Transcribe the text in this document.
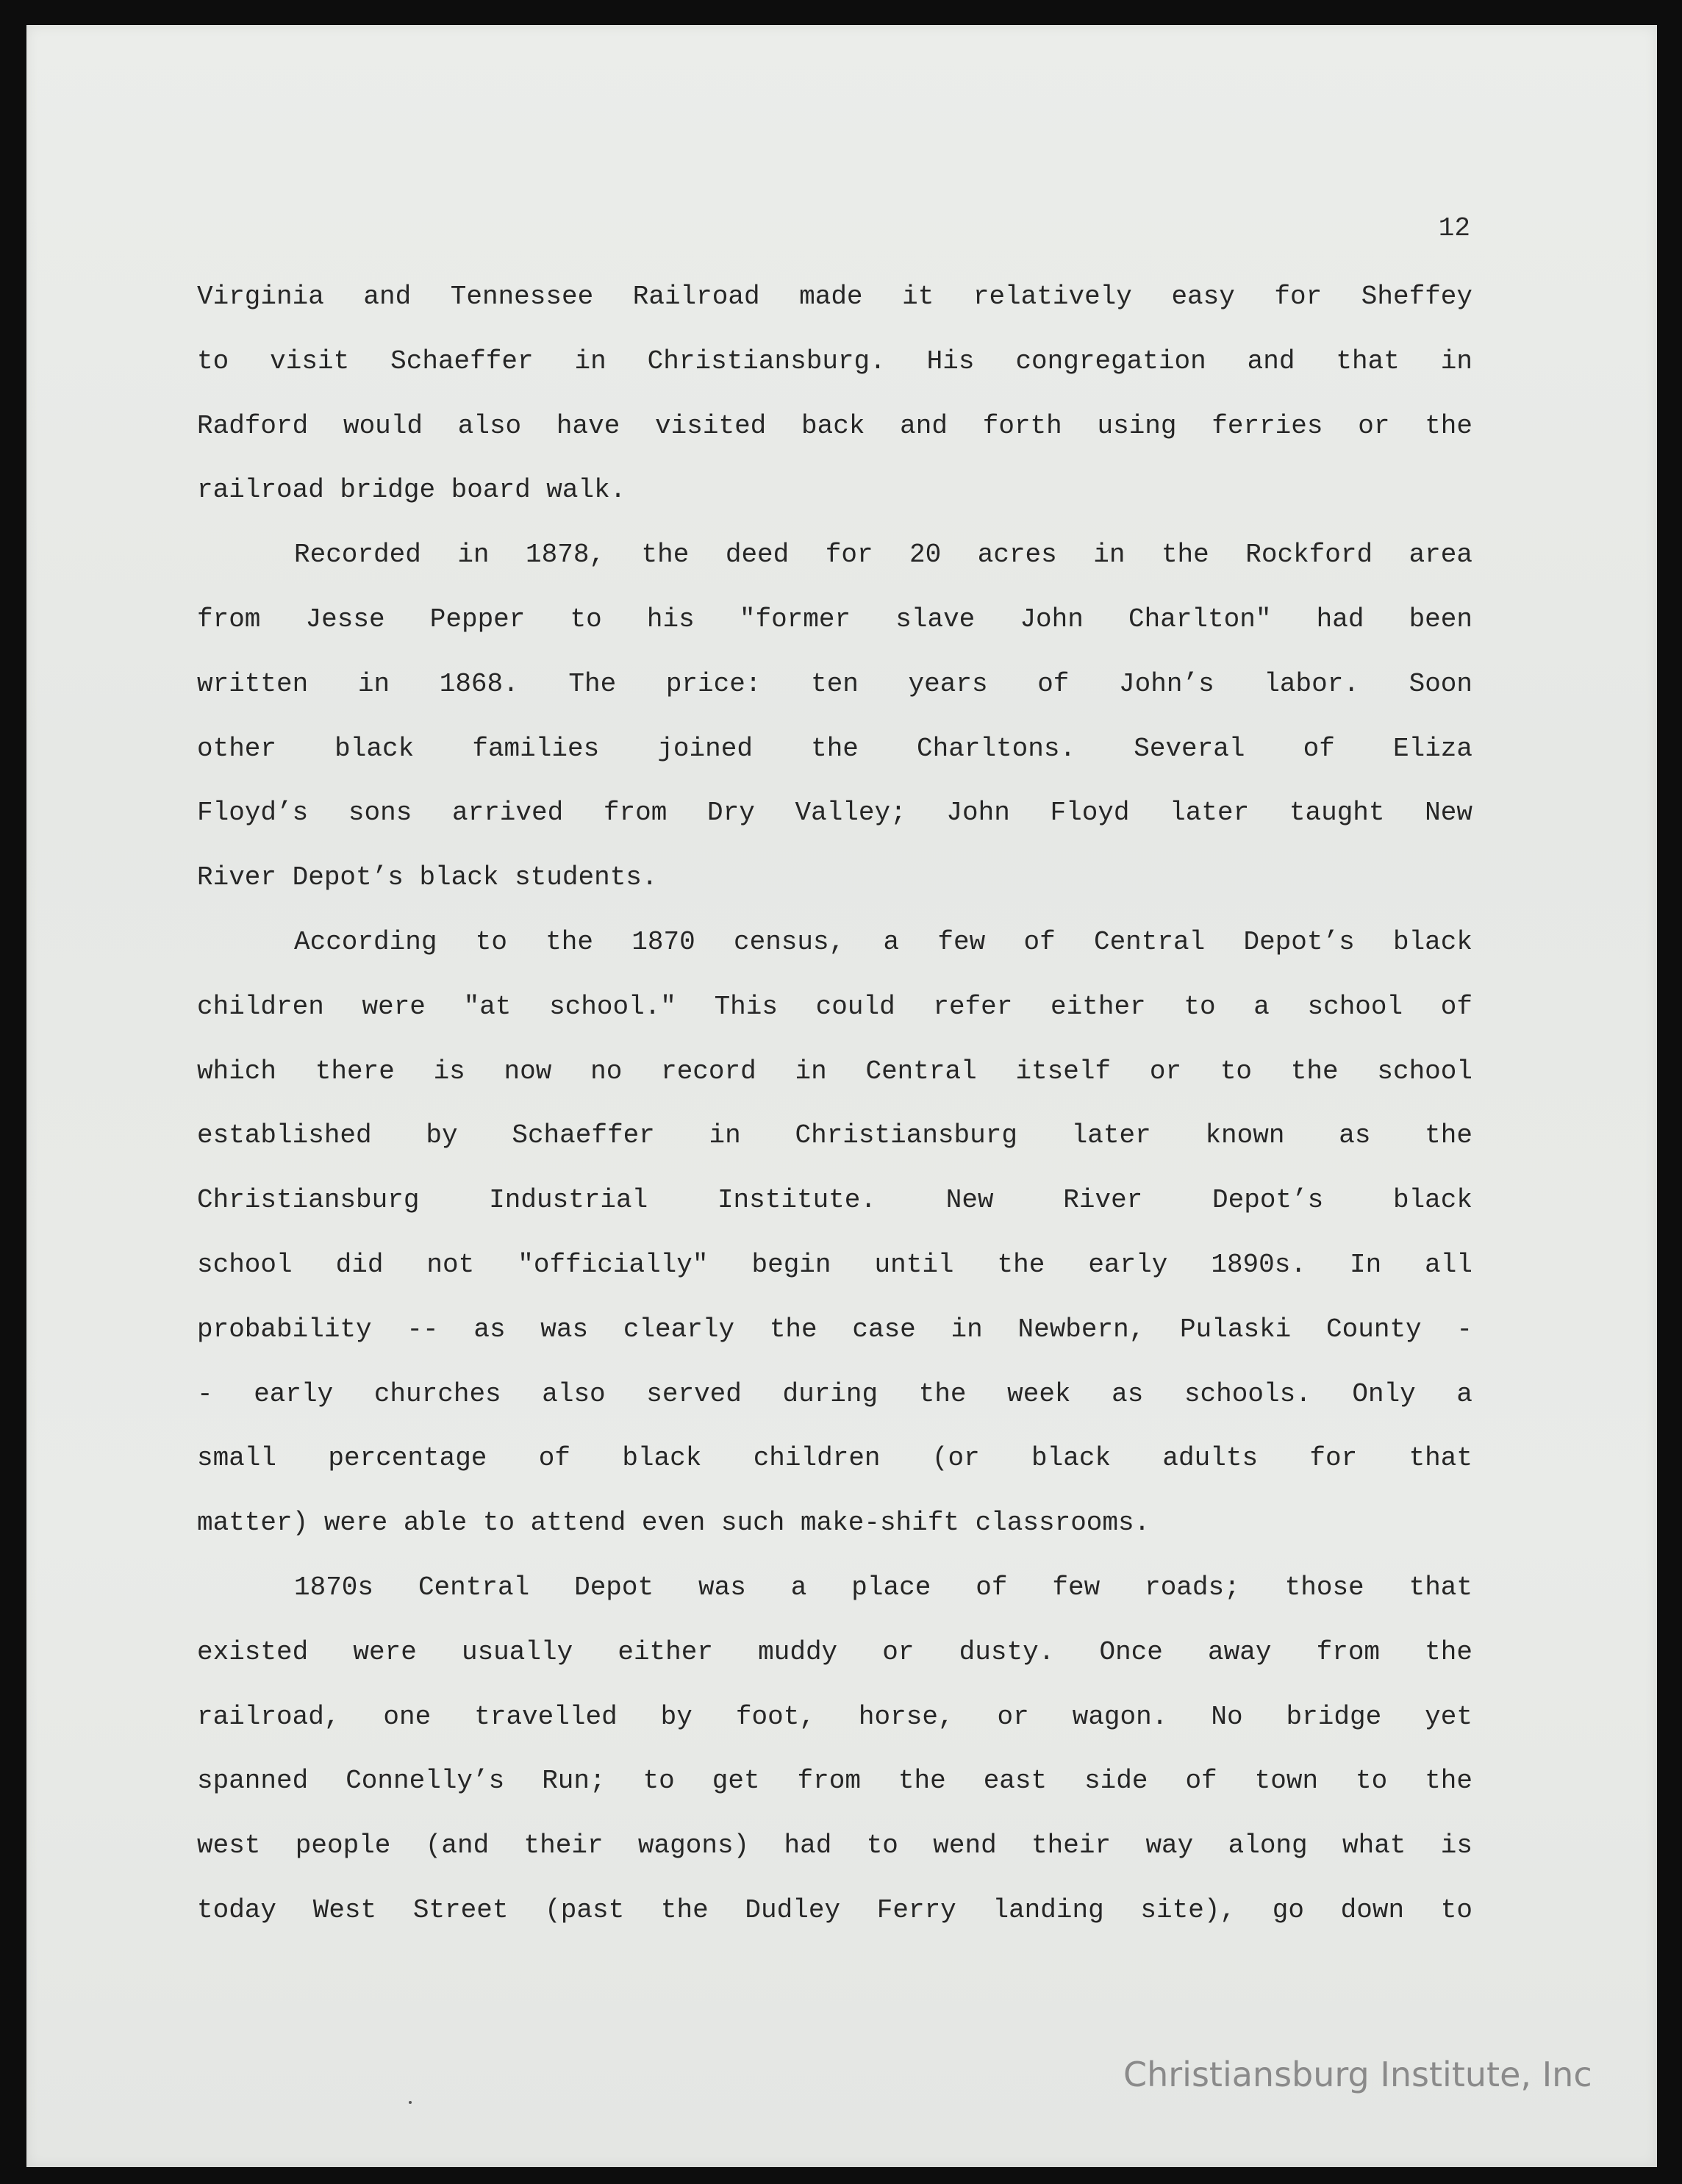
12
Virginia and Tennessee Railroad made it relatively easy for Sheffey
to visit Schaeffer in Christiansburg. His congregation and that in
Radford would also have visited back and forth using ferries or the
railroad bridge board walk.
Recorded in 1878, the deed for 20 acres in the Rockford area
from Jesse Pepper to his "former slave John Charlton" had been
written in 1868. The price: ten years of John’s labor. Soon
other black families joined the Charltons. Several of Eliza
Floyd’s sons arrived from Dry Valley; John Floyd later taught New
River Depot’s black students.
According to the 1870 census, a few of Central Depot’s black
children were "at school." This could refer either to a school of
which there is now no record in Central itself or to the school
established by Schaeffer in Christiansburg later known as the
Christiansburg Industrial Institute. New River Depot’s black
school did not "officially" begin until the early 1890s. In all
probability -- as was clearly the case in Newbern, Pulaski County -
- early churches also served during the week as schools. Only a
small percentage of black children (or black adults for that
matter) were able to attend even such make-shift classrooms.
1870s Central Depot was a place of few roads; those that
existed were usually either muddy or dusty. Once away from the
railroad, one travelled by foot, horse, or wagon. No bridge yet
spanned Connelly’s Run; to get from the east side of town to the
west people (and their wagons) had to wend their way along what is
today West Street (past the Dudley Ferry landing site), go down to
Christiansburg Institute, Inc
